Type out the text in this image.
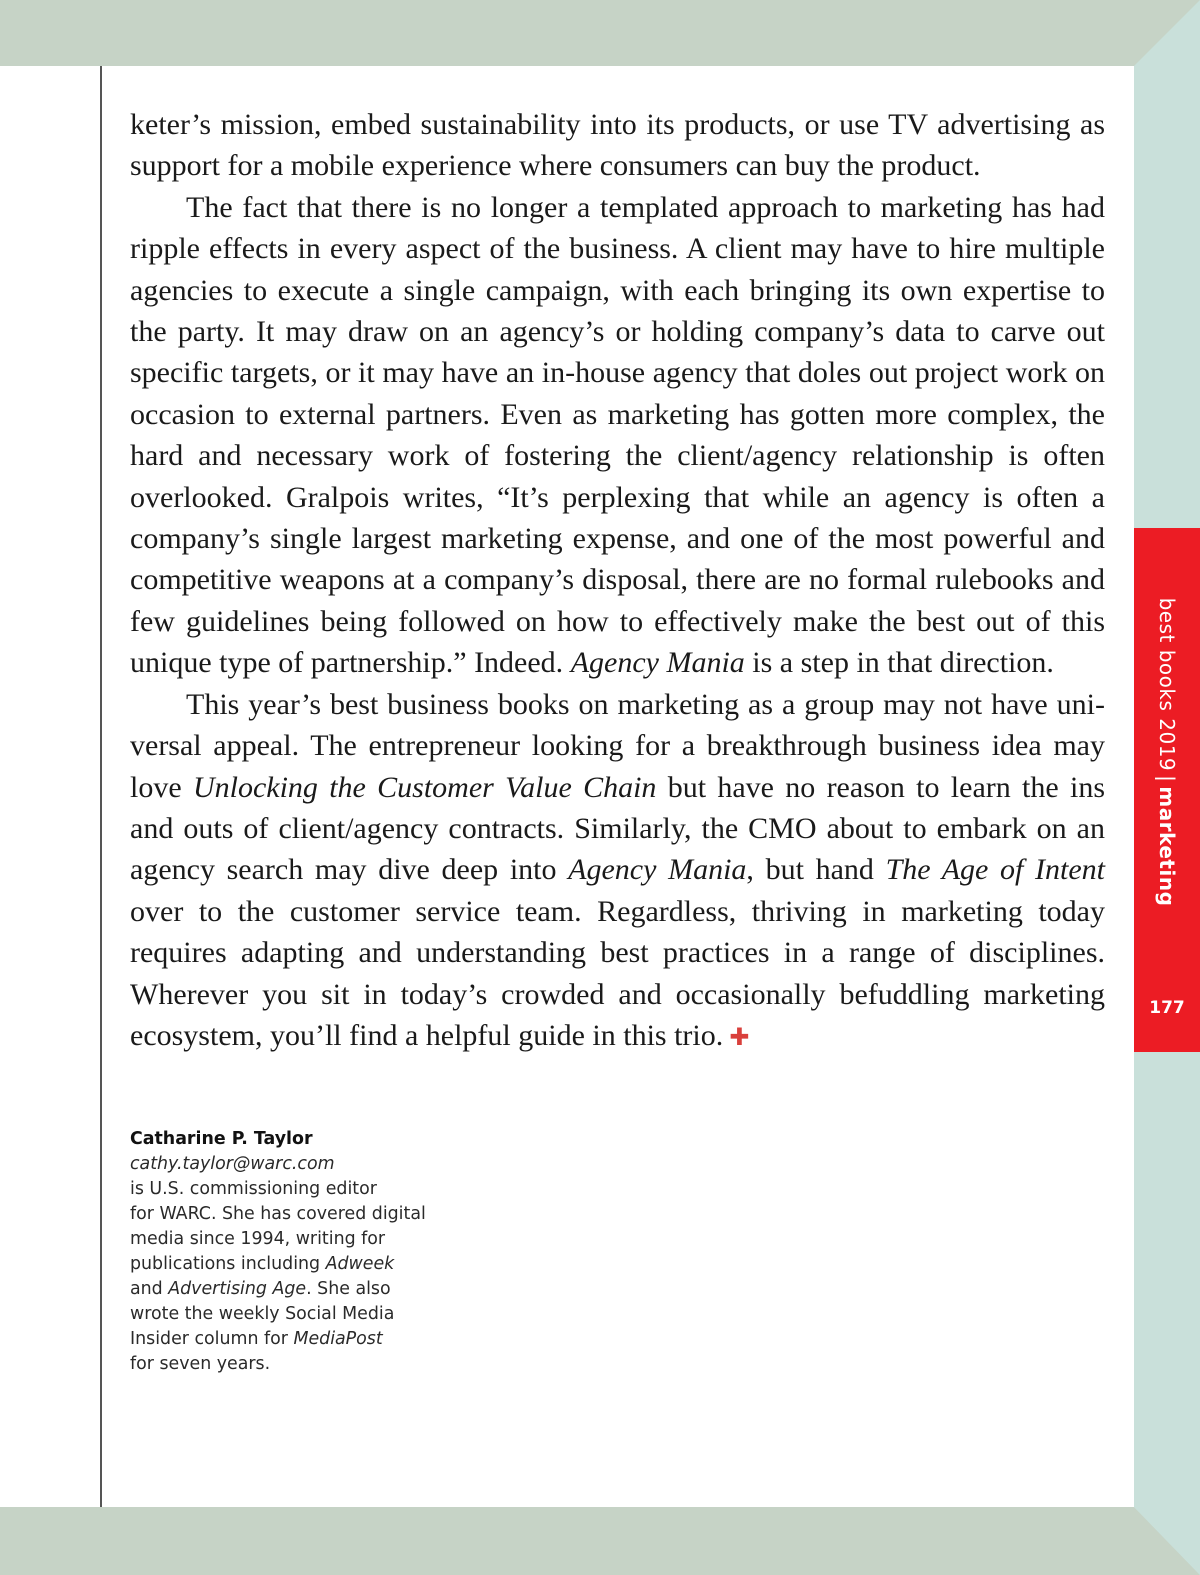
best books 2019|marketing
177

keter’s mission, embed sustainability into its products, or use TV advertising as support for a mobile experience where consumers can buy the product.

The fact that there is no longer a templated approach to marketing has had ripple effects in every aspect of the business. A client may have to hire multiple agencies to execute a single campaign, with each bringing its own expertise to the party. It may draw on an agency’s or holding company’s data to carve out specific targets, or it may have an in-house agency that doles out project work on occasion to external partners. Even as marketing has gotten more complex, the hard and necessary work of fostering the client/agency relationship is often overlooked. Gralpois writes, “It’s perplexing that while an agency is often a company’s single largest marketing expense, and one of the most powerful and competitive weapons at a company’s disposal, there are no formal rulebooks and few guidelines being followed on how to effectively make the best out of this unique type of partnership.” Indeed. Agency Mania is a step in that direction.

This year’s best business books on marketing as a group may not have universal appeal. The entrepreneur looking for a breakthrough business idea may love Unlocking the Customer Value Chain but have no reason to learn the ins and outs of client/agency contracts. Similarly, the CMO about to embark on an agency search may dive deep into Agency Mania, but hand The Age of Intent over to the customer service team. Regardless, thriving in marketing today requires adapting and understanding best practices in a range of disciplines. Wherever you sit in today’s crowded and occasionally befuddling marketing ecosystem, you’ll find a helpful guide in this trio. ✚

Catharine P. Taylor
cathy.taylor@warc.com
is U.S. commissioning editor
for WARC. She has covered digital
media since 1994, writing for
publications including Adweek
and Advertising Age. She also
wrote the weekly Social Media
Insider column for MediaPost
for seven years.
